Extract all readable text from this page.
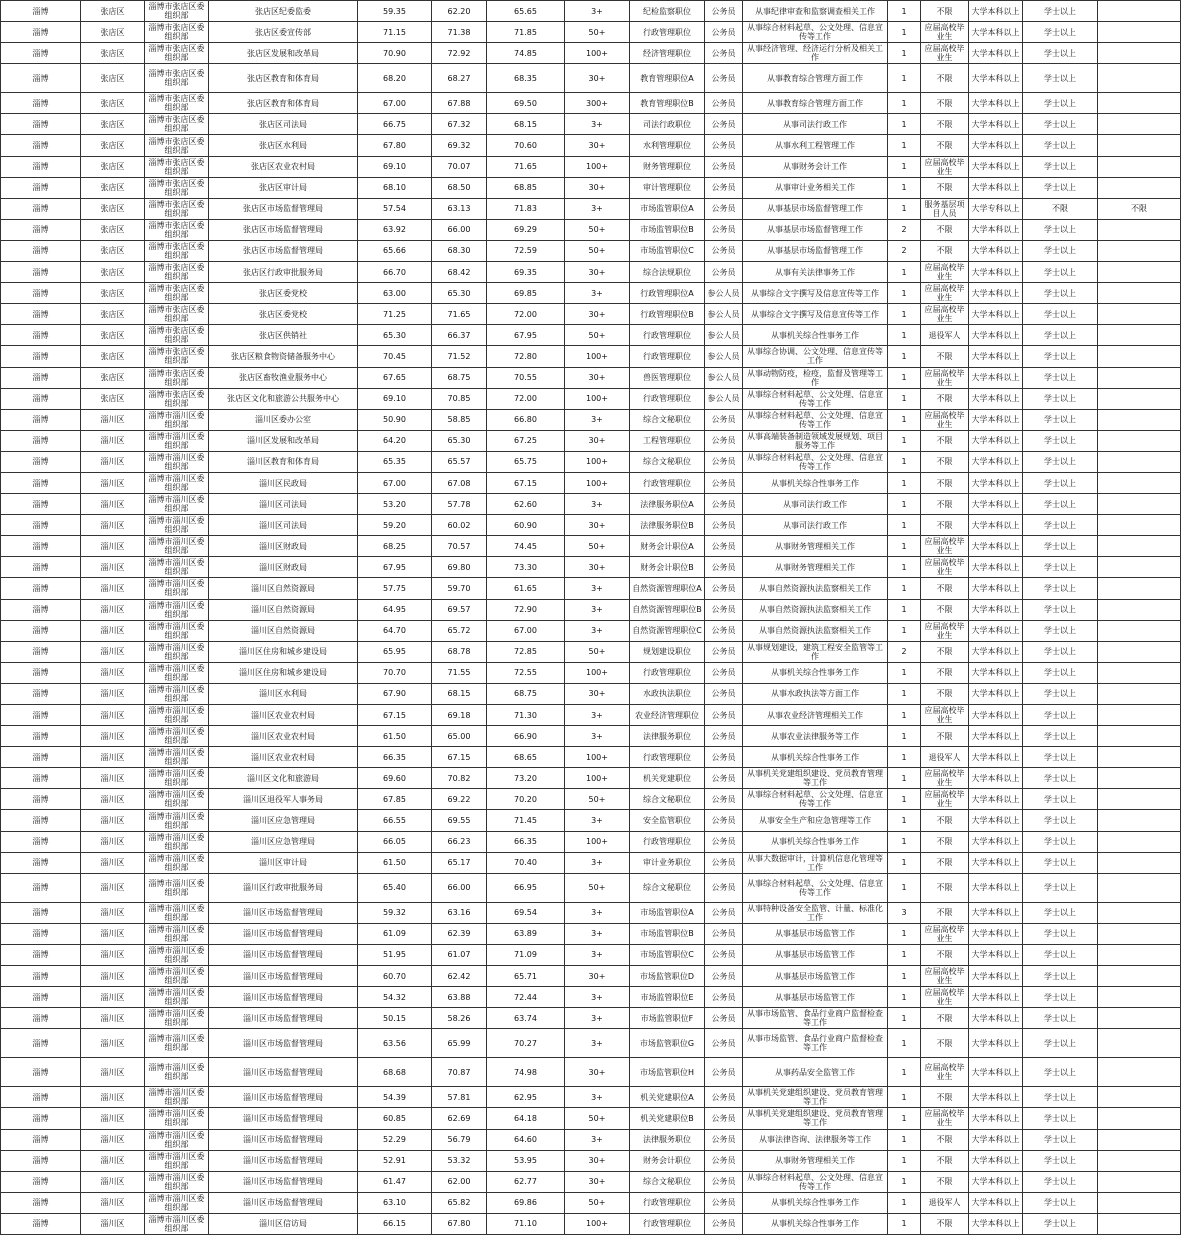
淄博	张店区	淄博市张店区委组织部	张店区纪委监委	59.35	62.20	65.65	3+	纪检监察职位	公务员	从事纪律审查和监察调查相关工作	1	不限	大学本科以上	学士以上	
淄博	张店区	淄博市张店区委组织部	张店区委宣传部	71.15	71.38	71.85	50+	行政管理职位	公务员	从事综合材料起草、公文处理、信息宣传等工作	1	应届高校毕业生	大学本科以上	学士以上	
淄博	张店区	淄博市张店区委组织部	张店区发展和改革局	70.90	72.92	74.85	100+	经济管理职位	公务员	从事经济管理、经济运行分析及相关工作	1	应届高校毕业生	大学本科以上	学士以上	
淄博	张店区	淄博市张店区委组织部	张店区教育和体育局	68.20	68.27	68.35	30+	教育管理职位A	公务员	从事教育综合管理方面工作	1	不限	大学本科以上	学士以上	
淄博	张店区	淄博市张店区委组织部	张店区教育和体育局	67.00	67.88	69.50	300+	教育管理职位B	公务员	从事教育综合管理方面工作	1	不限	大学本科以上	学士以上	
淄博	张店区	淄博市张店区委组织部	张店区司法局	66.75	67.32	68.15	3+	司法行政职位	公务员	从事司法行政工作	1	不限	大学本科以上	学士以上	
淄博	张店区	淄博市张店区委组织部	张店区水利局	67.80	69.32	70.60	30+	水利管理职位	公务员	从事水利工程管理工作	1	不限	大学本科以上	学士以上	
淄博	张店区	淄博市张店区委组织部	张店区农业农村局	69.10	70.07	71.65	100+	财务管理职位	公务员	从事财务会计工作	1	应届高校毕业生	大学本科以上	学士以上	
淄博	张店区	淄博市张店区委组织部	张店区审计局	68.10	68.50	68.85	30+	审计管理职位	公务员	从事审计业务相关工作	1	不限	大学本科以上	学士以上	
淄博	张店区	淄博市张店区委组织部	张店区市场监督管理局	57.54	63.13	71.83	3+	市场监管职位A	公务员	从事基层市场监督管理工作	1	服务基层项目人员	大学专科以上	不限	不限
淄博	张店区	淄博市张店区委组织部	张店区市场监督管理局	63.92	66.00	69.29	50+	市场监管职位B	公务员	从事基层市场监督管理工作	2	不限	大学本科以上	学士以上	
淄博	张店区	淄博市张店区委组织部	张店区市场监督管理局	65.66	68.30	72.59	50+	市场监管职位C	公务员	从事基层市场监督管理工作	2	不限	大学本科以上	学士以上	
淄博	张店区	淄博市张店区委组织部	张店区行政审批服务局	66.70	68.42	69.35	30+	综合法规职位	公务员	从事有关法律事务工作	1	应届高校毕业生	大学本科以上	学士以上	
淄博	张店区	淄博市张店区委组织部	张店区委党校	63.00	65.30	69.85	3+	行政管理职位A	参公人员	从事综合文字撰写及信息宣传等工作	1	应届高校毕业生	大学本科以上	学士以上	
淄博	张店区	淄博市张店区委组织部	张店区委党校	71.25	71.65	72.00	30+	行政管理职位B	参公人员	从事综合文字撰写及信息宣传等工作	1	应届高校毕业生	大学本科以上	学士以上	
淄博	张店区	淄博市张店区委组织部	张店区供销社	65.30	66.37	67.95	50+	行政管理职位	参公人员	从事机关综合性事务工作	1	退役军人	大学本科以上	学士以上	
淄博	张店区	淄博市张店区委组织部	张店区粮食物资储备服务中心	70.45	71.52	72.80	100+	行政管理职位	参公人员	从事综合协调、公文处理、信息宣传等工作	1	不限	大学本科以上	学士以上	
淄博	张店区	淄博市张店区委组织部	张店区畜牧渔业服务中心	67.65	68.75	70.55	30+	兽医管理职位	参公人员	从事动物防疫，检疫，监督及管理等工作	1	应届高校毕业生	大学本科以上	学士以上	
淄博	张店区	淄博市张店区委组织部	张店区文化和旅游公共服务中心	69.10	70.85	72.00	100+	行政管理职位	参公人员	从事综合材料起草、公文处理、信息宣传等工作	1	不限	大学本科以上	学士以上	
淄博	淄川区	淄博市淄川区委组织部	淄川区委办公室	50.90	58.85	66.80	3+	综合文秘职位	公务员	从事综合材料起草、公文处理、信息宣传等工作	1	应届高校毕业生	大学本科以上	学士以上	
淄博	淄川区	淄博市淄川区委组织部	淄川区发展和改革局	64.20	65.30	67.25	30+	工程管理职位	公务员	从事高端装备制造领域发展规划、项目服务等工作	1	不限	大学本科以上	学士以上	
淄博	淄川区	淄博市淄川区委组织部	淄川区教育和体育局	65.35	65.57	65.75	100+	综合文秘职位	公务员	从事综合材料起草、公文处理、信息宣传等工作	1	不限	大学本科以上	学士以上	
淄博	淄川区	淄博市淄川区委组织部	淄川区民政局	67.00	67.08	67.15	100+	行政管理职位	公务员	从事机关综合性事务工作	1	不限	大学本科以上	学士以上	
淄博	淄川区	淄博市淄川区委组织部	淄川区司法局	53.20	57.78	62.60	3+	法律服务职位A	公务员	从事司法行政工作	1	不限	大学本科以上	学士以上	
淄博	淄川区	淄博市淄川区委组织部	淄川区司法局	59.20	60.02	60.90	30+	法律服务职位B	公务员	从事司法行政工作	1	不限	大学本科以上	学士以上	
淄博	淄川区	淄博市淄川区委组织部	淄川区财政局	68.25	70.57	74.45	50+	财务会计职位A	公务员	从事财务管理相关工作	1	应届高校毕业生	大学本科以上	学士以上	
淄博	淄川区	淄博市淄川区委组织部	淄川区财政局	67.95	69.80	73.30	30+	财务会计职位B	公务员	从事财务管理相关工作	1	应届高校毕业生	大学本科以上	学士以上	
淄博	淄川区	淄博市淄川区委组织部	淄川区自然资源局	57.75	59.70	61.65	3+	自然资源管理职位A	公务员	从事自然资源执法监察相关工作	1	不限	大学本科以上	学士以上	
淄博	淄川区	淄博市淄川区委组织部	淄川区自然资源局	64.95	69.57	72.90	3+	自然资源管理职位B	公务员	从事自然资源执法监察相关工作	1	不限	大学本科以上	学士以上	
淄博	淄川区	淄博市淄川区委组织部	淄川区自然资源局	64.70	65.72	67.00	3+	自然资源管理职位C	公务员	从事自然资源执法监察相关工作	1	应届高校毕业生	大学本科以上	学士以上	
淄博	淄川区	淄博市淄川区委组织部	淄川区住房和城乡建设局	65.95	68.78	72.85	50+	规划建设职位	公务员	从事规划建设，建筑工程安全监管等工作	2	不限	大学本科以上	学士以上	
淄博	淄川区	淄博市淄川区委组织部	淄川区住房和城乡建设局	70.70	71.55	72.55	100+	行政管理职位	公务员	从事机关综合性事务工作	1	不限	大学本科以上	学士以上	
淄博	淄川区	淄博市淄川区委组织部	淄川区水利局	67.90	68.15	68.75	30+	水政执法职位	公务员	从事水政执法等方面工作	1	不限	大学本科以上	学士以上	
淄博	淄川区	淄博市淄川区委组织部	淄川区农业农村局	67.15	69.18	71.30	3+	农业经济管理职位	公务员	从事农业经济管理相关工作	1	应届高校毕业生	大学本科以上	学士以上	
淄博	淄川区	淄博市淄川区委组织部	淄川区农业农村局	61.50	65.00	66.90	3+	法律服务职位	公务员	从事农业法律服务等工作	1	不限	大学本科以上	学士以上	
淄博	淄川区	淄博市淄川区委组织部	淄川区农业农村局	66.35	67.15	68.65	100+	行政管理职位	公务员	从事机关综合性事务工作	1	退役军人	大学本科以上	学士以上	
淄博	淄川区	淄博市淄川区委组织部	淄川区文化和旅游局	69.60	70.82	73.20	100+	机关党建职位	公务员	从事机关党建组织建设、党员教育管理等工作	1	应届高校毕业生	大学本科以上	学士以上	
淄博	淄川区	淄博市淄川区委组织部	淄川区退役军人事务局	67.85	69.22	70.20	50+	综合文秘职位	公务员	从事综合材料起草、公文处理、信息宣传等工作	1	应届高校毕业生	大学本科以上	学士以上	
淄博	淄川区	淄博市淄川区委组织部	淄川区应急管理局	66.55	69.55	71.45	3+	安全监管职位	公务员	从事安全生产和应急管理等工作	1	不限	大学本科以上	学士以上	
淄博	淄川区	淄博市淄川区委组织部	淄川区应急管理局	66.05	66.23	66.35	100+	行政管理职位	公务员	从事机关综合性事务工作	1	不限	大学本科以上	学士以上	
淄博	淄川区	淄博市淄川区委组织部	淄川区审计局	61.50	65.17	70.40	3+	审计业务职位	公务员	从事大数据审计，计算机信息化管理等工作	1	不限	大学本科以上	学士以上	
淄博	淄川区	淄博市淄川区委组织部	淄川区行政审批服务局	65.40	66.00	66.95	50+	综合文秘职位	公务员	从事综合材料起草、公文处理、信息宣传等工作	1	不限	大学本科以上	学士以上	
淄博	淄川区	淄博市淄川区委组织部	淄川区市场监督管理局	59.32	63.16	69.54	3+	市场监管职位A	公务员	从事特种设备安全监管、计量、标准化工作	3	不限	大学本科以上	学士以上	
淄博	淄川区	淄博市淄川区委组织部	淄川区市场监督管理局	61.09	62.39	63.89	3+	市场监管职位B	公务员	从事基层市场监管工作	1	应届高校毕业生	大学本科以上	学士以上	
淄博	淄川区	淄博市淄川区委组织部	淄川区市场监督管理局	51.95	61.07	71.09	3+	市场监管职位C	公务员	从事基层市场监管工作	1	不限	大学本科以上	学士以上	
淄博	淄川区	淄博市淄川区委组织部	淄川区市场监督管理局	60.70	62.42	65.71	30+	市场监管职位D	公务员	从事基层市场监管工作	1	应届高校毕业生	大学本科以上	学士以上	
淄博	淄川区	淄博市淄川区委组织部	淄川区市场监督管理局	54.32	63.88	72.44	3+	市场监管职位E	公务员	从事基层市场监管工作	1	应届高校毕业生	大学本科以上	学士以上	
淄博	淄川区	淄博市淄川区委组织部	淄川区市场监督管理局	50.15	58.26	63.74	3+	市场监管职位F	公务员	从事市场监管、食品行业商户监督检查等工作	1	不限	大学本科以上	学士以上	
淄博	淄川区	淄博市淄川区委组织部	淄川区市场监督管理局	63.56	65.99	70.27	3+	市场监管职位G	公务员	从事市场监管、食品行业商户监督检查等工作	1	不限	大学本科以上	学士以上	
淄博	淄川区	淄博市淄川区委组织部	淄川区市场监督管理局	68.68	70.87	74.98	30+	市场监管职位H	公务员	从事药品安全监管工作	1	应届高校毕业生	大学本科以上	学士以上	
淄博	淄川区	淄博市淄川区委组织部	淄川区市场监督管理局	54.39	57.81	62.95	3+	机关党建职位A	公务员	从事机关党建组织建设、党员教育管理等工作	1	不限	大学本科以上	学士以上	
淄博	淄川区	淄博市淄川区委组织部	淄川区市场监督管理局	60.85	62.69	64.18	50+	机关党建职位B	公务员	从事机关党建组织建设、党员教育管理等工作	1	应届高校毕业生	大学本科以上	学士以上	
淄博	淄川区	淄博市淄川区委组织部	淄川区市场监督管理局	52.29	56.79	64.60	3+	法律服务职位	公务员	从事法律咨询、法律服务等工作	1	不限	大学本科以上	学士以上	
淄博	淄川区	淄博市淄川区委组织部	淄川区市场监督管理局	52.91	53.32	53.95	30+	财务会计职位	公务员	从事财务管理相关工作	1	不限	大学本科以上	学士以上	
淄博	淄川区	淄博市淄川区委组织部	淄川区市场监督管理局	61.47	62.00	62.77	30+	综合文秘职位	公务员	从事综合材料起草、公文处理、信息宣传等工作	1	不限	大学本科以上	学士以上	
淄博	淄川区	淄博市淄川区委组织部	淄川区市场监督管理局	63.10	65.82	69.86	50+	行政管理职位	公务员	从事机关综合性事务工作	1	退役军人	大学本科以上	学士以上	
淄博	淄川区	淄博市淄川区委组织部	淄川区信访局	66.15	67.80	71.10	100+	行政管理职位	公务员	从事机关综合性事务工作	1	不限	大学本科以上	学士以上	
